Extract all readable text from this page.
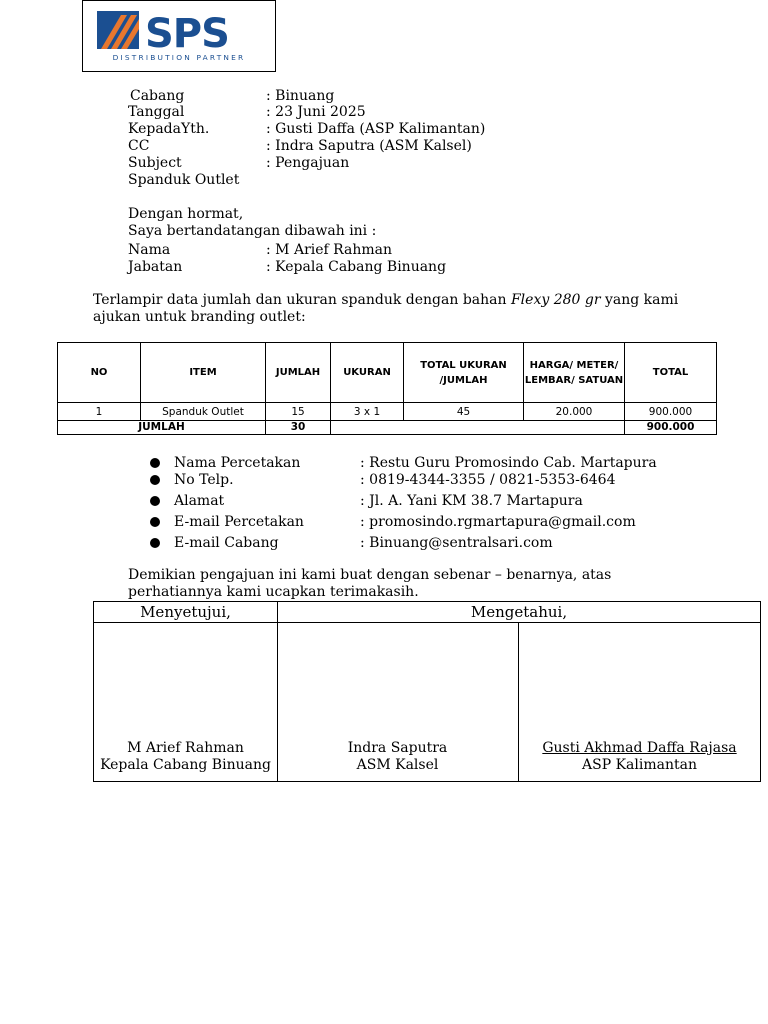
SPS
DISTRIBUTION PARTNER
Cabang	: Binuang
Tanggal	: 23 Juni 2025
KepadaYth.	: Gusti Daffa (ASP Kalimantan)
CC	: Indra Saputra (ASM Kalsel)
Subject	: Pengajuan
Spanduk Outlet
Dengan hormat,
Saya bertandatangan dibawah ini :
Nama	: M Arief Rahman
Jabatan	: Kepala Cabang Binuang
Terlampir data jumlah dan ukuran spanduk dengan bahan Flexy 280 gr yang kami ajukan untuk branding outlet:
NO	ITEM	JUMLAH	UKURAN	TOTAL UKURAN /JUMLAH	HARGA/ METER/ LEMBAR/ SATUAN	TOTAL
1	Spanduk Outlet	15	3 x 1	45	20.000	900.000
JUMLAH		30				900.000
Nama Percetakan	: Restu Guru Promosindo Cab. Martapura
No Telp.	: 0819-4344-3355 / 0821-5353-6464
Alamat	: Jl. A. Yani KM 38.7 Martapura
E-mail Percetakan	: promosindo.rgmartapura@gmail.com
E-mail Cabang	: Binuang@sentralsari.com
Demikian pengajuan ini kami buat dengan sebenar – benarnya, atas perhatiannya kami ucapkan terimakasih.
Menyetujui,	Mengetahui,
M Arief Rahman
Kepala Cabang Binuang
Indra Saputra
ASM Kalsel
Gusti Akhmad Daffa Rajasa
ASP Kalimantan
